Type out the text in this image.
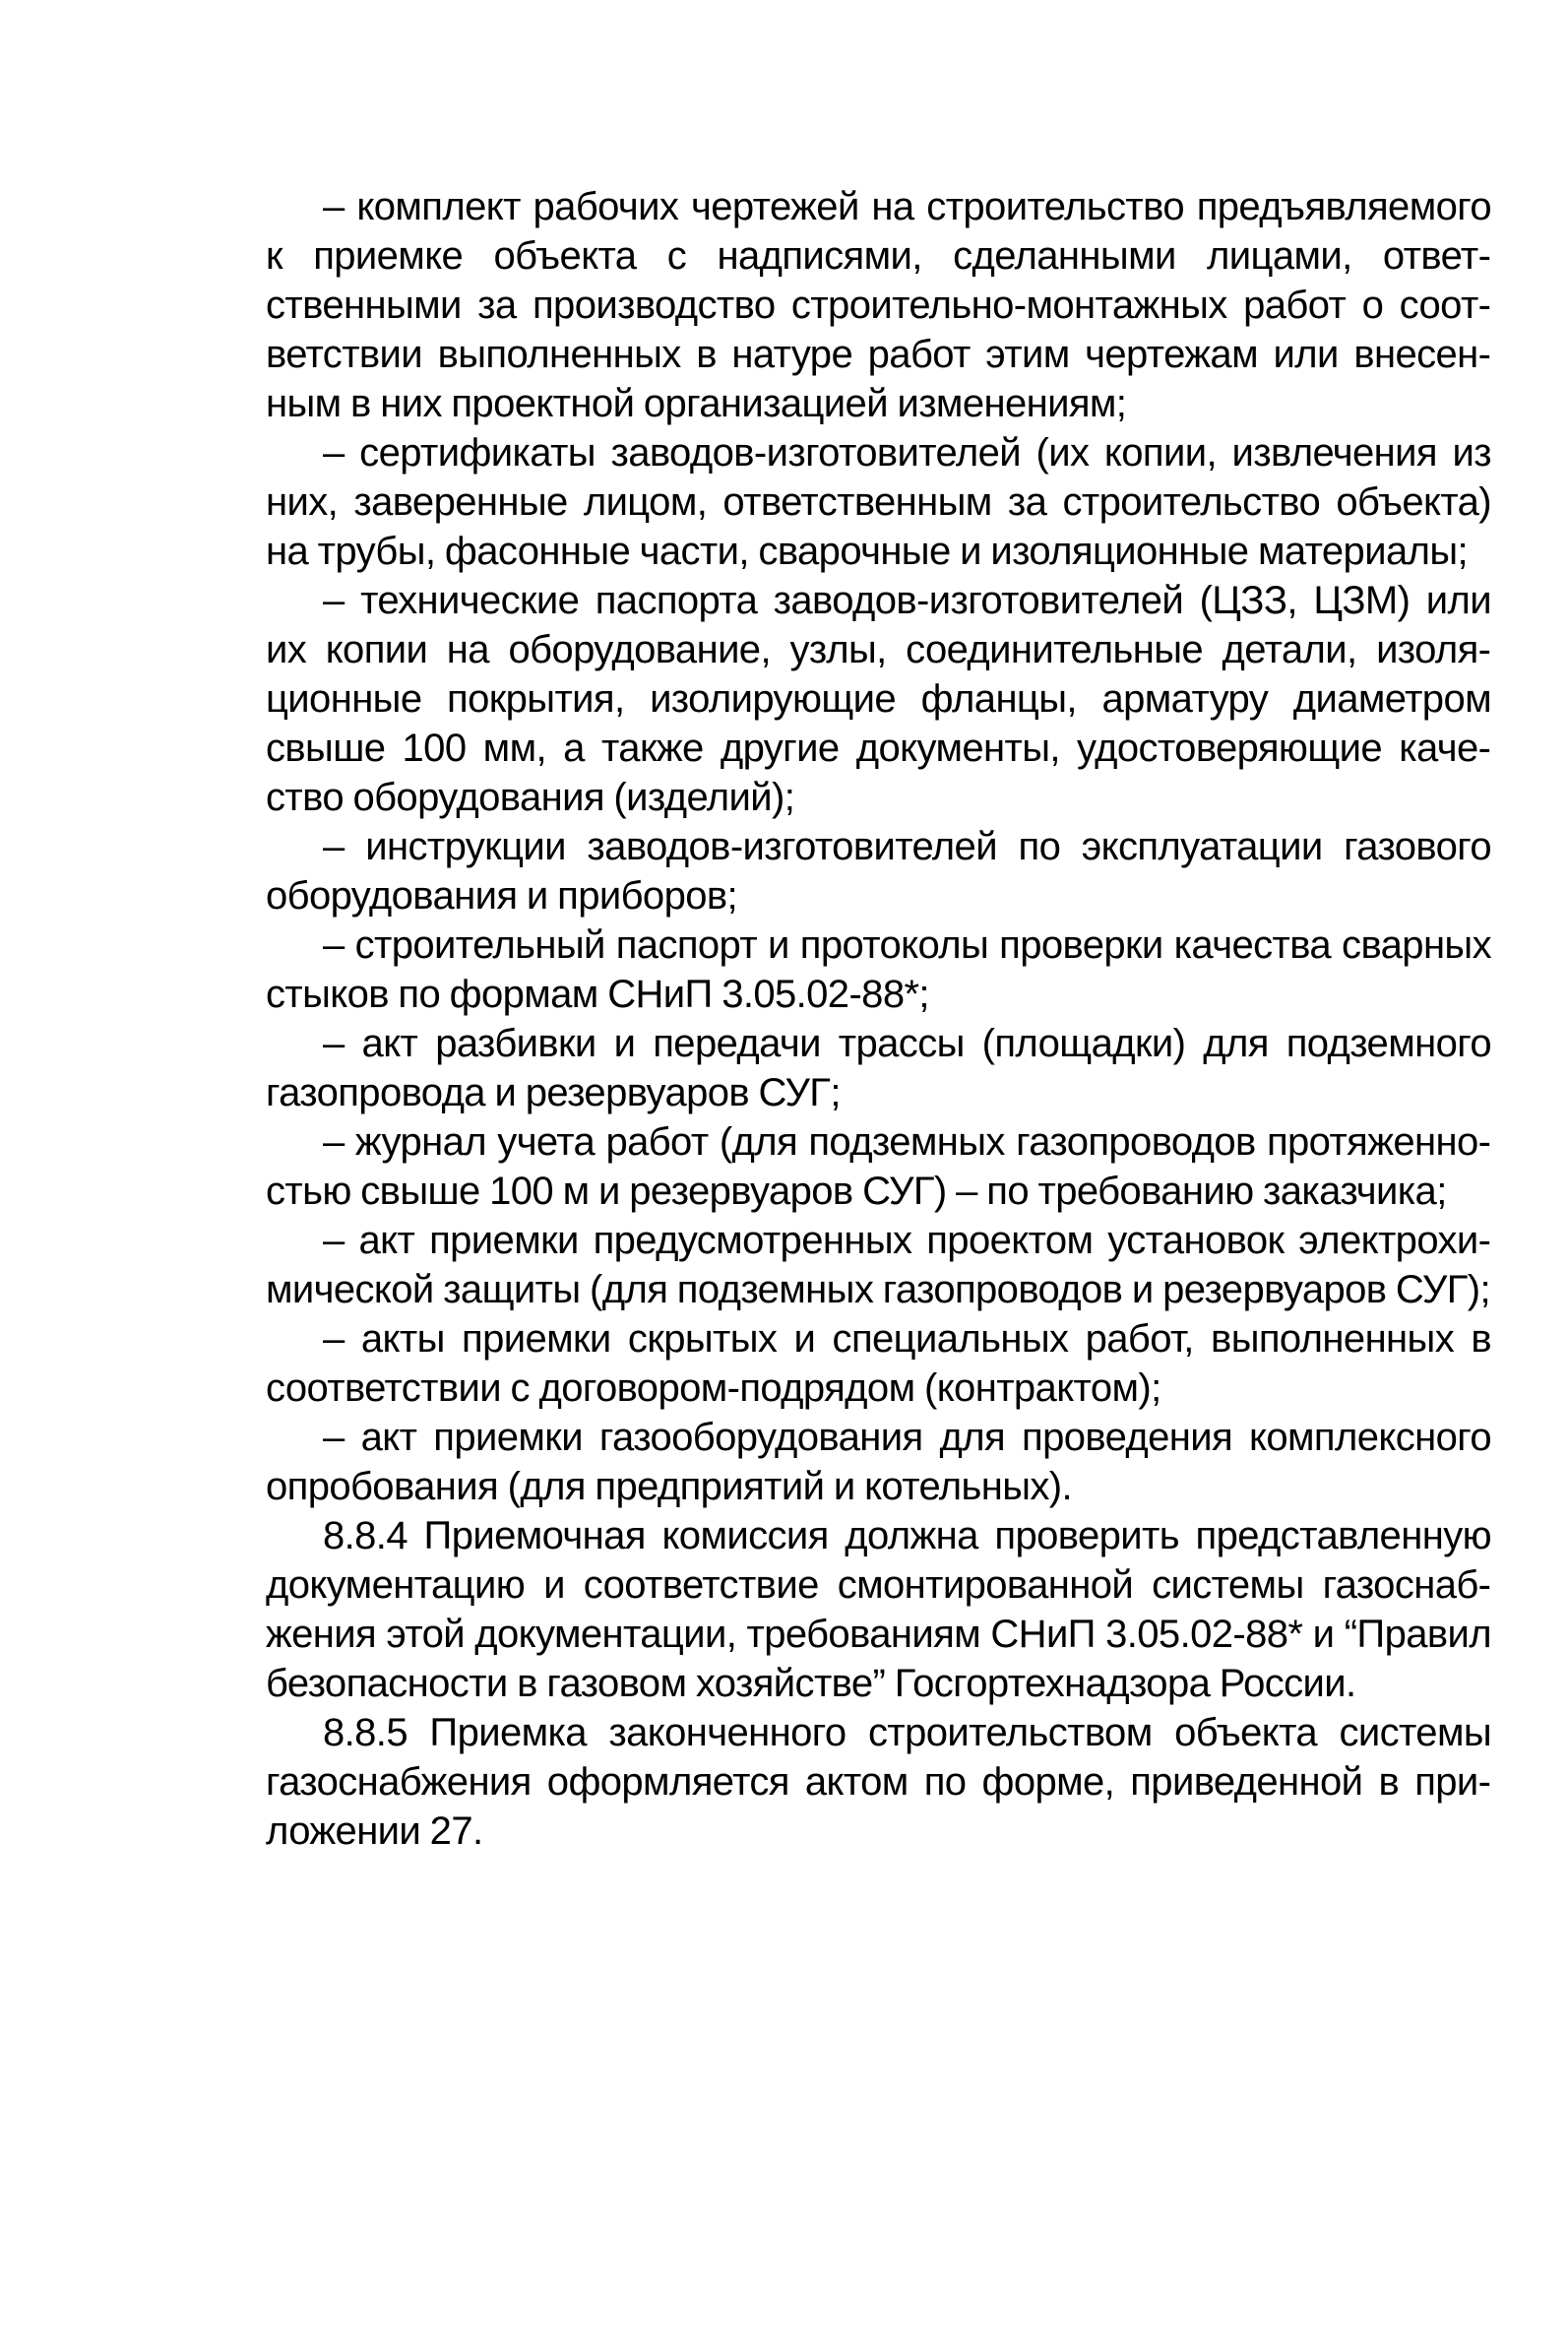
– комплект рабочих чертежей на строительство предъявляемого к приемке объекта с надписями, сделанными лицами, ответственными за производство строительно-монтажных работ о соответствии выполненных в натуре работ этим чертежам или внесенным в них проектной организацией изменениям;

– сертификаты заводов-изготовителей (их копии, извлечения из них, заверенные лицом, ответственным за строительство объекта) на трубы, фасонные части, сварочные и изоляционные материалы;

– технические паспорта заводов-изготовителей (ЦЗЗ, ЦЗМ) или их копии на оборудование, узлы, соединительные детали, изоляционные покрытия, изолирующие фланцы, арматуру диаметром свыше 100 мм, а также другие документы, удостоверяющие качество оборудования (изделий);

– инструкции заводов-изготовителей по эксплуатации газового оборудования и приборов;

– строительный паспорт и протоколы проверки качества сварных стыков по формам СНиП 3.05.02-88*;

– акт разбивки и передачи трассы (площадки) для подземного газопровода и резервуаров СУГ;

– журнал учета работ (для подземных газопроводов протяженностью свыше 100 м и резервуаров СУГ) – по требованию заказчика;

– акт приемки предусмотренных проектом установок электрохимической защиты (для подземных газопроводов и резервуаров СУГ);

– акты приемки скрытых и специальных работ, выполненных в соответствии с договором-подрядом (контрактом);

– акт приемки газооборудования для проведения комплексного опробования (для предприятий и котельных).

8.8.4 Приемочная комиссия должна проверить представленную документацию и соответствие смонтированной системы газоснабжения этой документации, требованиям СНиП 3.05.02-88* и “Правил безопасности в газовом хозяйстве” Госгортехнадзора России.

8.8.5 Приемка законченного строительством объекта системы газоснабжения оформляется актом по форме, приведенной в приложении 27.
